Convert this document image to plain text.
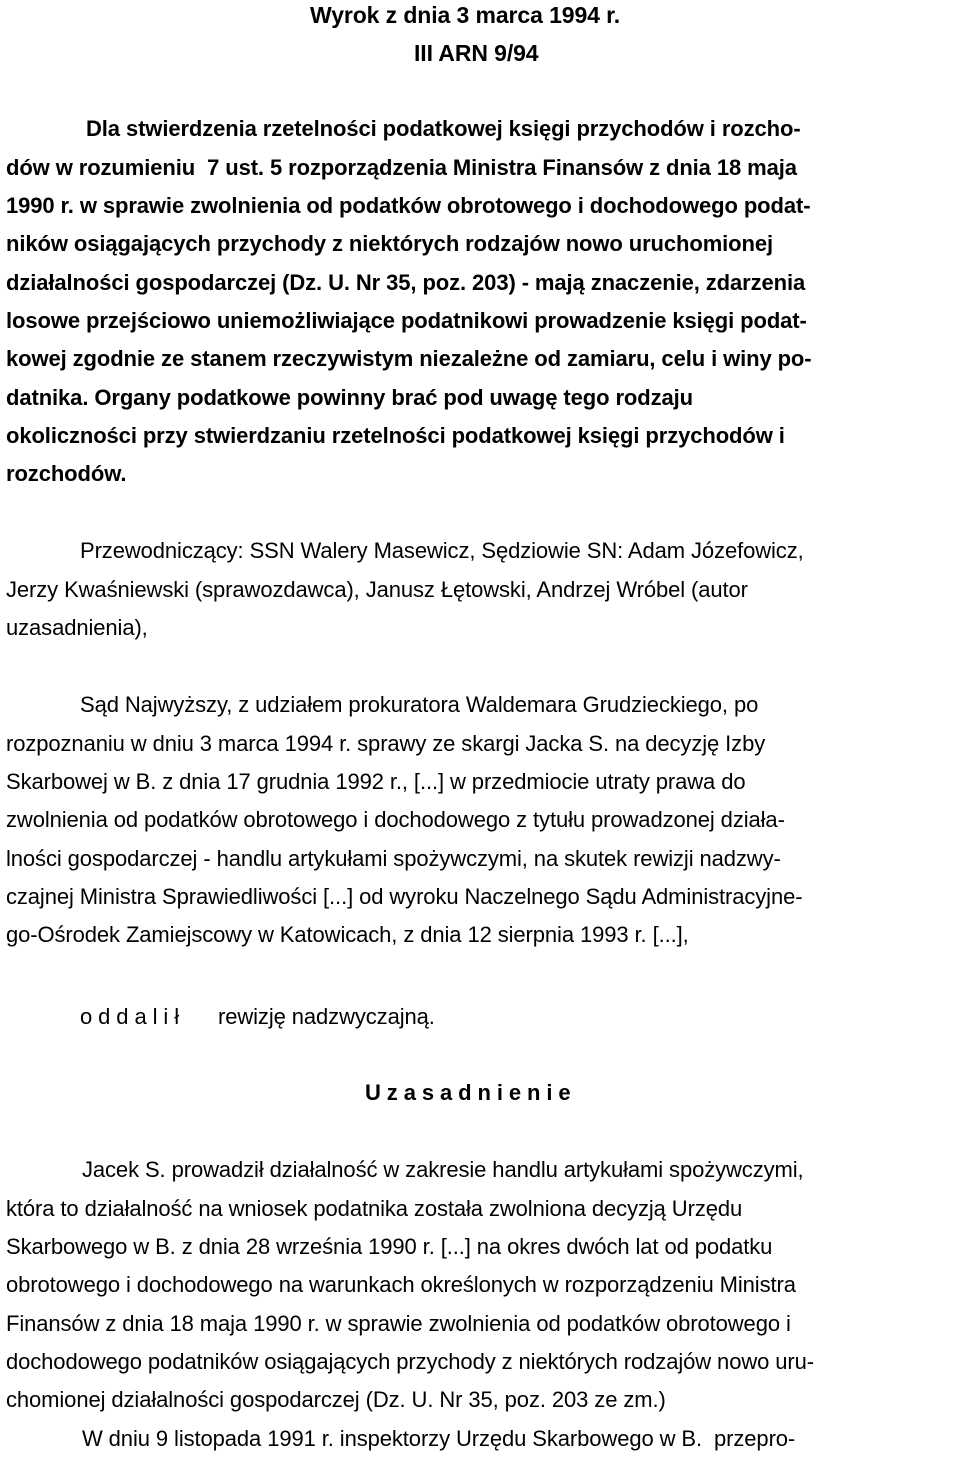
Wyrok z dnia 3 marca 1994 r.
III ARN 9/94
Dla stwierdzenia rzetelności podatkowej księgi przychodów i rozcho-
dów w rozumieniu  7 ust. 5 rozporządzenia Ministra Finansów z dnia 18 maja
1990 r. w sprawie zwolnienia od podatków obrotowego i dochodowego podat-
ników osiągających przychody z niektórych rodzajów nowo uruchomionej
działalności gospodarczej (Dz. U. Nr 35, poz. 203) - mają znaczenie, zdarzenia
losowe przejściowo uniemożliwiające podatnikowi prowadzenie księgi podat-
kowej zgodnie ze stanem rzeczywistym niezależne od zamiaru, celu i winy po-
datnika. Organy podatkowe powinny brać pod uwagę tego rodzaju
okoliczności przy stwierdzaniu rzetelności podatkowej księgi przychodów i
rozchodów.
Przewodniczący: SSN Walery Masewicz, Sędziowie SN: Adam Józefowicz,
Jerzy Kwaśniewski (sprawozdawca), Janusz Łętowski, Andrzej Wróbel (autor
uzasadnienia),
Sąd Najwyższy, z udziałem prokuratora Waldemara Grudzieckiego, po
rozpoznaniu w dniu 3 marca 1994 r. sprawy ze skargi Jacka S. na decyzję Izby
Skarbowej w B. z dnia 17 grudnia 1992 r., [...] w przedmiocie utraty prawa do
zwolnienia od podatków obrotowego i dochodowego z tytułu prowadzonej działa-
lności gospodarczej - handlu artykułami spożywczymi, na skutek rewizji nadzwy-
czajnej Ministra Sprawiedliwości [...] od wyroku Naczelnego Sądu Administracyjne-
go-Ośrodek Zamiejscowy w Katowicach, z dnia 12 sierpnia 1993 r. [...],
o d d a l i ł rewizję nadzwyczajną.
U z a s a d n i e n i e
Jacek S. prowadził działalność w zakresie handlu artykułami spożywczymi,
która to działalność na wniosek podatnika została zwolniona decyzją Urzędu
Skarbowego w B. z dnia 28 września 1990 r. [...] na okres dwóch lat od podatku
obrotowego i dochodowego na warunkach określonych w rozporządzeniu Ministra
Finansów z dnia 18 maja 1990 r. w sprawie zwolnienia od podatków obrotowego i
dochodowego podatników osiągających przychody z niektórych rodzajów nowo uru-
chomionej działalności gospodarczej (Dz. U. Nr 35, poz. 203 ze zm.)
W dniu 9 listopada 1991 r. inspektorzy Urzędu Skarbowego w B.  przepro-
